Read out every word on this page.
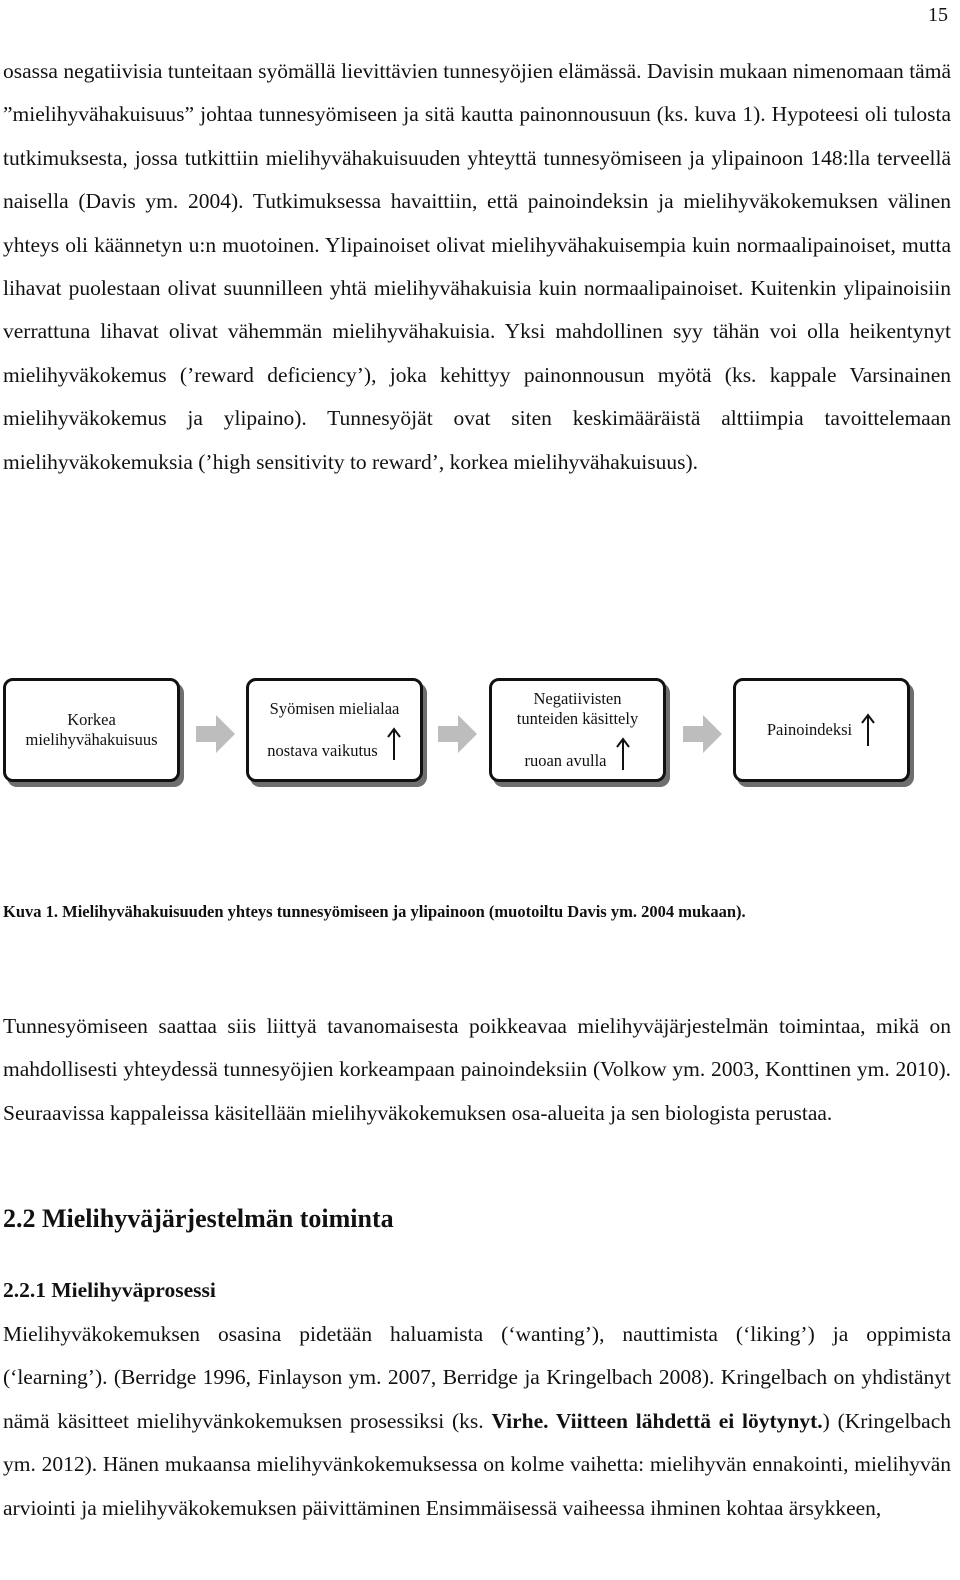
15

osassa negatiivisia tunteitaan syömällä lievittävien tunnesyöjien elämässä. Davisin mukaan nimenomaan tämä ”mielihyvähakuisuus” johtaa tunnesyömiseen ja sitä kautta painonnousuun (ks. kuva 1). Hypoteesi oli tulosta tutkimuksesta, jossa tutkittiin mielihyvähakuisuuden yhteyttä tunnesyömiseen ja ylipainoon 148:lla terveellä naisella (Davis ym. 2004). Tutkimuksessa havaittiin, että painoindeksin ja mielihyväkokemuksen välinen yhteys oli käännetyn u:n muotoinen. Ylipainoiset olivat mielihyvähakuisempia kuin normaalipainoiset, mutta lihavat puolestaan olivat suunnilleen yhtä mielihyvähakuisia kuin normaalipainoiset. Kuitenkin ylipainoisiin verrattuna lihavat olivat vähemmän mielihyvähakuisia. Yksi mahdollinen syy tähän voi olla heikentynyt mielihyväkokemus (’reward deficiency’), joka kehittyy painonnousun myötä (ks. kappale Varsinainen mielihyväkokemus ja ylipaino). Tunnesyöjät ovat siten keskimääräistä alttiimpia tavoittelemaan mielihyväkokemuksia (’high sensitivity to reward’, korkea mielihyvähakuisuus).

Korkea
mielihyvähakuisuus
Syömisen mielialaa
nostava vaikutus
Negatiivisten
tunteiden käsittely
ruoan avulla
Painoindeksi

Kuva 1. Mielihyvähakuisuuden yhteys tunnesyömiseen ja ylipainoon (muotoiltu Davis ym. 2004 mukaan).

Tunnesyömiseen saattaa siis liittyä tavanomaisesta poikkeavaa mielihyväjärjestelmän toimintaa, mikä on mahdollisesti yhteydessä tunnesyöjien korkeampaan painoindeksiin (Volkow ym. 2003, Konttinen ym. 2010). Seuraavissa kappaleissa käsitellään mielihyväkokemuksen osa-alueita ja sen biologista perustaa.

2.2 Mielihyväjärjestelmän toiminta
2.2.1 Mielihyväprosessi

Mielihyväkokemuksen osasina pidetään haluamista (‘wanting’), nauttimista (‘liking’) ja oppimista (‘learning’). (Berridge 1996, Finlayson ym. 2007, Berridge ja Kringelbach 2008). Kringelbach on yhdistänyt nämä käsitteet mielihyvänkokemuksen prosessiksi (ks. Virhe. Viitteen lähdettä ei löytynyt.) (Kringelbach ym. 2012). Hänen mukaansa mielihyvänkokemuksessa on kolme vaihetta: mielihyvän ennakointi, mielihyvän arviointi ja mielihyväkokemuksen päivittäminen Ensimmäisessä vaiheessa ihminen kohtaa ärsykkeen,
